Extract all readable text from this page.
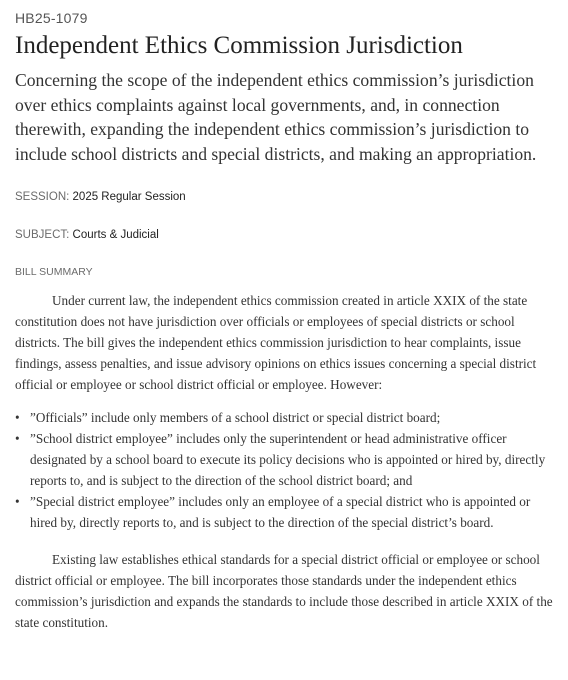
HB25-1079
Independent Ethics Commission Jurisdiction

Concerning the scope of the independent ethics commission’s jurisdiction over ethics complaints against local governments, and, in connection therewith, expanding the independent ethics commission’s jurisdiction to include school districts and special districts, and making an appropriation.

SESSION: 2025 Regular Session

SUBJECT: Courts & Judicial

BILL SUMMARY

Under current law, the independent ethics commission created in article XXIX of the state constitution does not have jurisdiction over officials or employees of special districts or school districts. The bill gives the independent ethics commission jurisdiction to hear complaints, issue findings, assess penalties, and issue advisory opinions on ethics issues concerning a special district official or employee or school district official or employee. However:

• ”Officials” include only members of a school district or special district board;
• ”School district employee” includes only the superintendent or head administrative officer designated by a school board to execute its policy decisions who is appointed or hired by, directly reports to, and is subject to the direction of the school district board; and
• ”Special district employee” includes only an employee of a special district who is appointed or hired by, directly reports to, and is subject to the direction of the special district’s board.

Existing law establishes ethical standards for a special district official or employee or school district official or employee. The bill incorporates those standards under the independent ethics commission’s jurisdiction and expands the standards to include those described in article XXIX of the state constitution.
